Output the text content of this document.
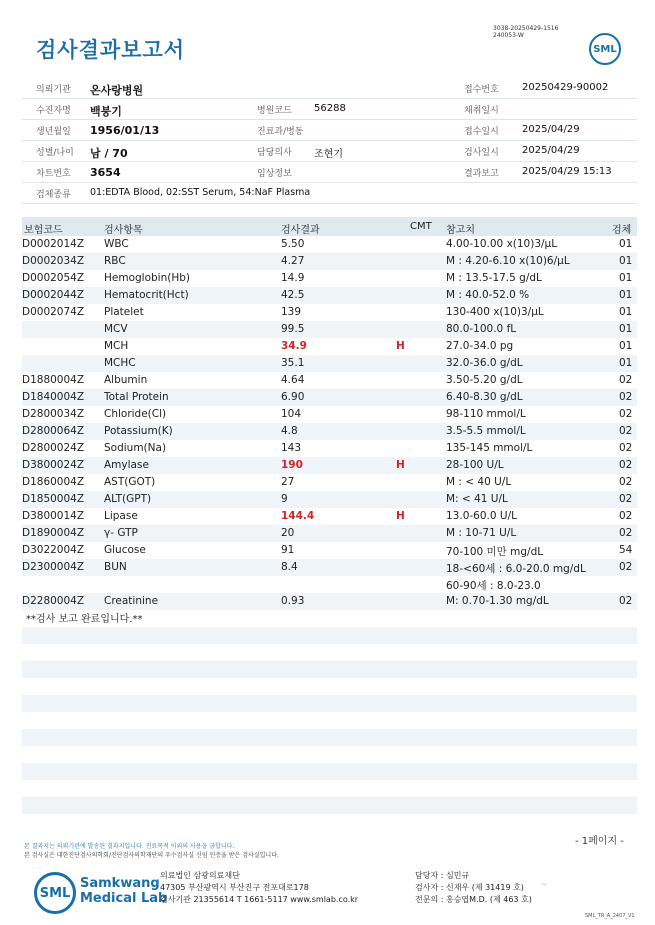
검사결과보고서
3038-20250429-1516
240053-W
SML
의뢰기관 온사랑병원	접수번호 20250429-90002
수진자명 백붕기	병원코드 56288	채취일시
생년월일 1956/01/13	진료과/병동	접수일시 2025/04/29
성별/나이 남 / 70	담당의사 조현기	검사일시 2025/04/29
차트번호 3654	임상정보	결과보고 2025/04/29 15:13
검체종류 01:EDTA Blood, 02:SST Serum, 54:NaF Plasma
보험코드	검사항목	검사결과	CMT 참고치	검체
D0002014Z WBC	5.50	4.00-10.00 x(10)3/μL	01
D0002034Z RBC	4.27	M : 4.20-6.10 x(10)6/μL	01
D0002054Z Hemoglobin(Hb)	14.9	M : 13.5-17.5 g/dL	01
D0002044Z Hematocrit(Hct)	42.5	M : 40.0-52.0 %	01
D0002074Z Platelet	139	130-400 x(10)3/μL	01
MCV	99.5	80.0-100.0 fL	01
MCH	34.9	H	27.0-34.0 pg	01
MCHC	35.1	32.0-36.0 g/dL	01
D1880004Z Albumin	4.64	3.50-5.20 g/dL	02
D1840004Z Total Protein	6.90	6.40-8.30 g/dL	02
D2800034Z Chloride(Cl)	104	98-110 mmol/L	02
D2800064Z Potassium(K)	4.8	3.5-5.5 mmol/L	02
D2800024Z Sodium(Na)	143	135-145 mmol/L	02
D3800024Z Amylase	190	H	28-100 U/L	02
D1860004Z AST(GOT)	27	M : < 40 U/L	02
D1850004Z ALT(GPT)	9	M: < 41 U/L	02
D3800014Z Lipase	144.4	H	13.0-60.0 U/L	02
D1890004Z γ- GTP	20	M : 10-71 U/L	02
D3022004Z Glucose	91	70-100 미만 mg/dL	54
D2300004Z BUN	8.4	18-<60세 : 6.0-20.0 mg/dL	02
60-90세 : 8.0-23.0
D2280004Z Creatinine	0.93	M: 0.70-1.30 mg/dL	02
**검사 보고 완료입니다.**
- 1페이지 -
본 결과지는 의뢰기관에 발송된 결과지입니다. 진료목적 이외의 사용을 금합니다.
본 검사실은 대한진단검사의학회/진단검사의학재단의 우수검사실 신임 인증을 받은 검사실입니다.
SML
Samkwang
Medical Lab
의료법인 삼광의료재단
47305 부산광역시 부산진구 전포대로178
검사기관 21355614 T 1661-5117 www.smlab.co.kr
담당자 : 심민규
검사자 : 신재우 (제 31419 호)
전문의 : 홍승엽M.D. (제 463 호)
~
SML_TR_A_2407_V1
